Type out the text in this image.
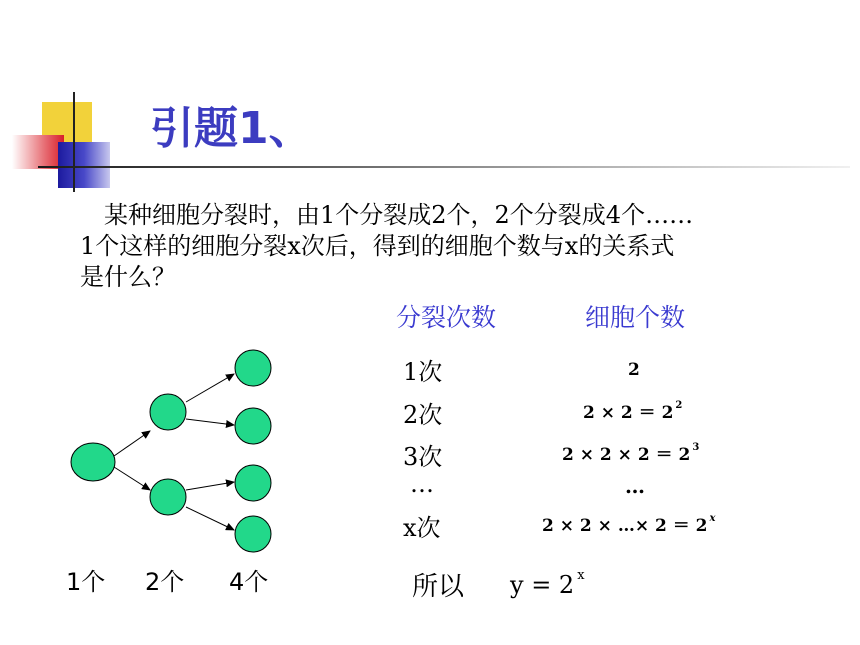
引题1、

　某种细胞分裂时，由1个分裂成2个，2个分裂成4个……

1个这样的细胞分裂x次后，得到的细胞个数与x的关系式

是什么？

分裂次数	细胞个数
1次	2
2次	2 × 2 ＝ 2 $^2$
3次	2 × 2 × 2 ＝ 2 $^3$
…	…
x次	2 × 2 × …× 2 ＝ 2 $^x$
所以 y = 2 $^x$
1个 2个 4个
